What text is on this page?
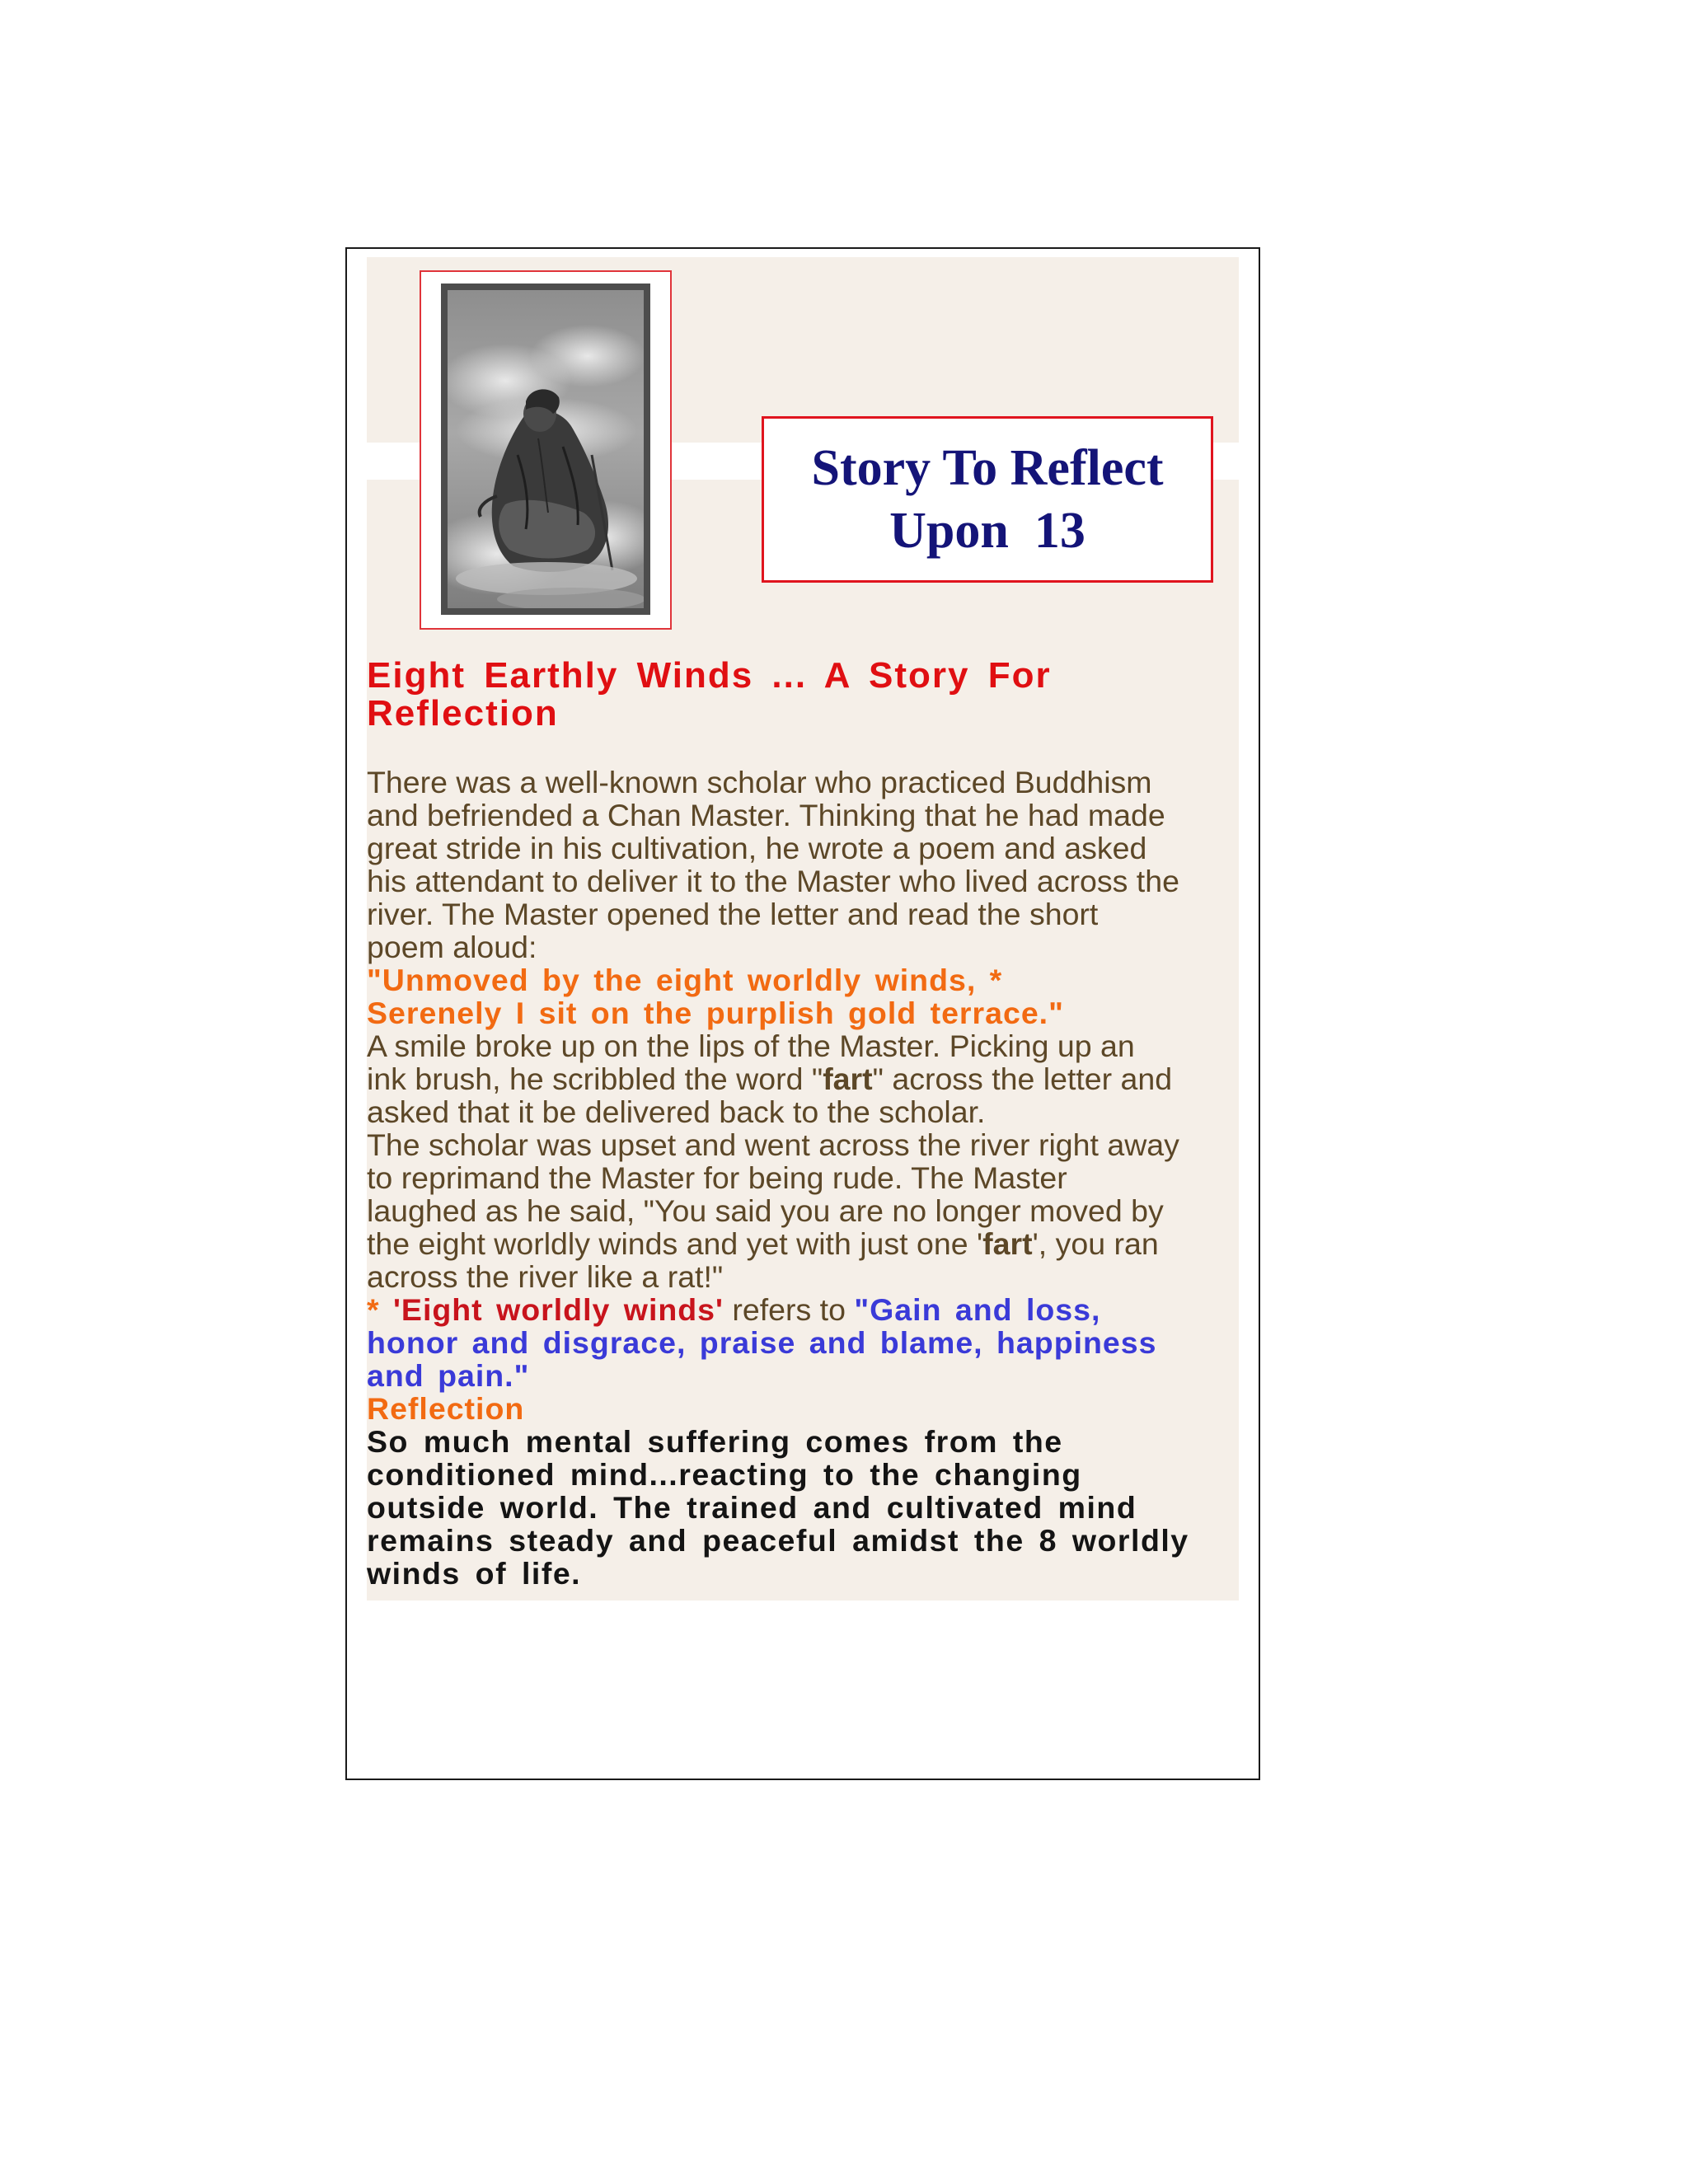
Story To Reflect
Upon  13
Eight Earthly Winds ... A Story For
Reflection
There was a well-known scholar who practiced Buddhism
and befriended a Chan Master. Thinking that he had made
great stride in his cultivation, he wrote a poem and asked
his attendant to deliver it to the Master who lived across the
river. The Master opened the letter and read the short
poem aloud:
"Unmoved by the eight worldly winds, *
Serenely I sit on the purplish gold terrace."
A smile broke up on the lips of the Master. Picking up an
ink brush, he scribbled the word "fart" across the letter and
asked that it be delivered back to the scholar.
The scholar was upset and went across the river right away
to reprimand the Master for being rude. The Master
laughed as he said, "You said you are no longer moved by
the eight worldly winds and yet with just one 'fart', you ran
across the river like a rat!"
* 'Eight worldly winds' refers to "Gain and loss,
honor and disgrace, praise and blame, happiness
and pain."
Reflection
So much mental suffering comes from the
conditioned mind...reacting to the changing
outside world. The trained and cultivated mind
remains steady and peaceful amidst the 8 worldly
winds of life.
